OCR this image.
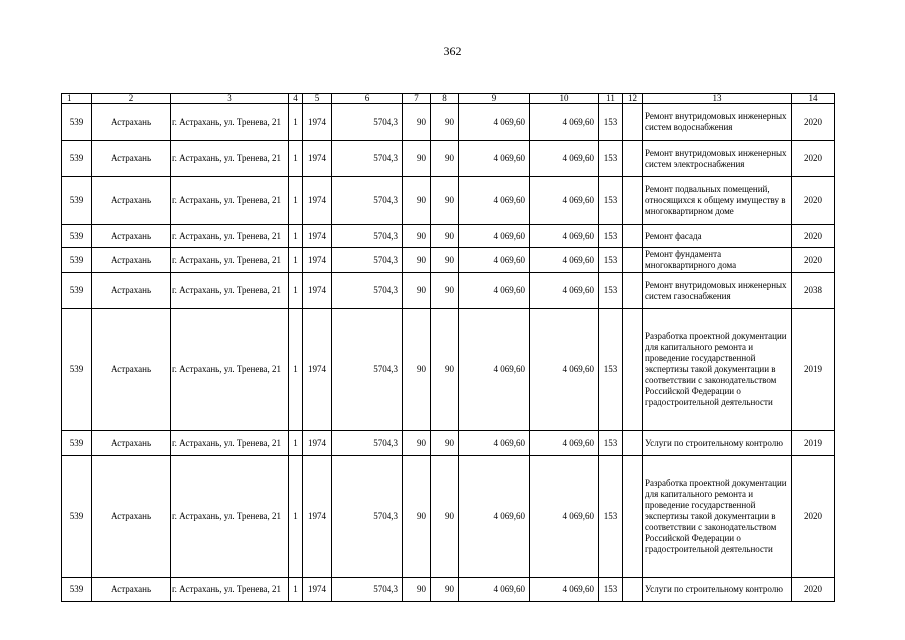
362
1	2	3	4	5	6	7	8	9	10	11	12	13	14
539	Астрахань	г. Астрахань, ул. Тренева, 21	1	1974	5704,3	90	90	4 069,60	4 069,60	153		Ремонт внутридомовых инженерных систем водоснабжения	2020
539	Астрахань	г. Астрахань, ул. Тренева, 21	1	1974	5704,3	90	90	4 069,60	4 069,60	153		Ремонт внутридомовых инженерных систем электроснабжения	2020
539	Астрахань	г. Астрахань, ул. Тренева, 21	1	1974	5704,3	90	90	4 069,60	4 069,60	153		Ремонт подвальных помещений, относящихся к общему имуществу в многоквартирном доме	2020
539	Астрахань	г. Астрахань, ул. Тренева, 21	1	1974	5704,3	90	90	4 069,60	4 069,60	153		Ремонт фасада	2020
539	Астрахань	г. Астрахань, ул. Тренева, 21	1	1974	5704,3	90	90	4 069,60	4 069,60	153		Ремонт фундамента многоквартирного дома	2020
539	Астрахань	г. Астрахань, ул. Тренева, 21	1	1974	5704,3	90	90	4 069,60	4 069,60	153		Ремонт внутридомовых инженерных систем газоснабжения	2038
539	Астрахань	г. Астрахань, ул. Тренева, 21	1	1974	5704,3	90	90	4 069,60	4 069,60	153		Разработка проектной документации для капитального ремонта и проведение государственной экспертизы такой документации в соответствии с законодательством Российской Федерации о градостроительной деятельности	2019
539	Астрахань	г. Астрахань, ул. Тренева, 21	1	1974	5704,3	90	90	4 069,60	4 069,60	153		Услуги по строительному контролю	2019
539	Астрахань	г. Астрахань, ул. Тренева, 21	1	1974	5704,3	90	90	4 069,60	4 069,60	153		Разработка проектной документации для капитального ремонта и проведение государственной экспертизы такой документации в соответствии с законодательством Российской Федерации о градостроительной деятельности	2020
539	Астрахань	г. Астрахань, ул. Тренева, 21	1	1974	5704,3	90	90	4 069,60	4 069,60	153		Услуги по строительному контролю	2020
